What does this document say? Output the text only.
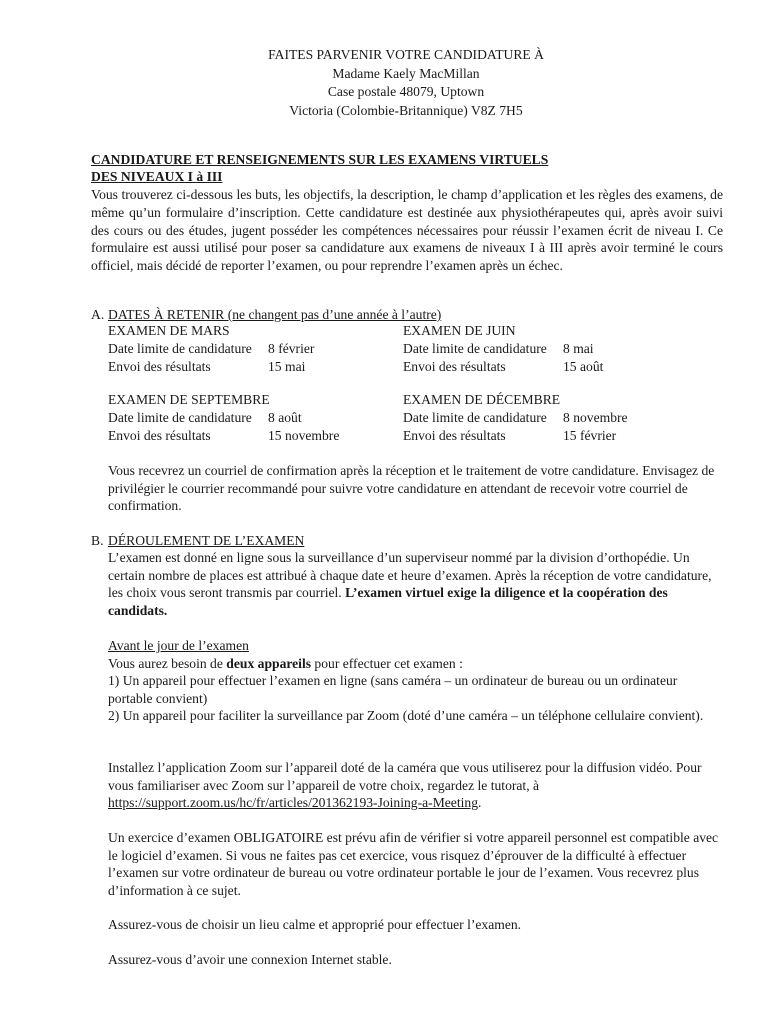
FAITES PARVENIR VOTRE CANDIDATURE À
Madame Kaely MacMillan
Case postale 48079, Uptown
Victoria (Colombie-Britannique) V8Z 7H5
CANDIDATURE ET RENSEIGNEMENTS SUR LES EXAMENS VIRTUELS
DES NIVEAUX I à III
Vous trouverez ci-dessous les buts, les objectifs, la description, le champ d’application et les règles des examens, de même qu’un formulaire d’inscription. Cette candidature est destinée aux physiothérapeutes qui, après avoir suivi des cours ou des études, jugent posséder les compétences nécessaires pour réussir l’examen écrit de niveau I. Ce formulaire est aussi utilisé pour poser sa candidature aux examens de niveaux I à III après avoir terminé le cours officiel, mais décidé de reporter l’examen, ou pour reprendre l’examen après un échec.
A. DATES À RETENIR (ne changent pas d’une année à l’autre)
EXAMEN DE MARS
Date limite de candidature	8 février
Envoi des résultats	15 mai
EXAMEN DE JUIN
Date limite de candidature	8 mai
Envoi des résultats	15 août
EXAMEN DE SEPTEMBRE
Date limite de candidature	8 août
Envoi des résultats	15 novembre
EXAMEN DE DÉCEMBRE
Date limite de candidature	8 novembre
Envoi des résultats	15 février
Vous recevrez un courriel de confirmation après la réception et le traitement de votre candidature. Envisagez de privilégier le courrier recommandé pour suivre votre candidature en attendant de recevoir votre courriel de confirmation.
B. DÉROULEMENT DE L’EXAMEN
L’examen est donné en ligne sous la surveillance d’un superviseur nommé par la division d’orthopédie. Un certain nombre de places est attribué à chaque date et heure d’examen. Après la réception de votre candidature, les choix vous seront transmis par courriel. L’examen virtuel exige la diligence et la coopération des candidats.
Avant le jour de l’examen
Vous aurez besoin de deux appareils pour effectuer cet examen :
1) Un appareil pour effectuer l’examen en ligne (sans caméra – un ordinateur de bureau ou un ordinateur portable convient)
2) Un appareil pour faciliter la surveillance par Zoom (doté d’une caméra – un téléphone cellulaire convient).
Installez l’application Zoom sur l’appareil doté de la caméra que vous utiliserez pour la diffusion vidéo. Pour vous familiariser avec Zoom sur l’appareil de votre choix, regardez le tutorat, à https://support.zoom.us/hc/fr/articles/201362193-Joining-a-Meeting.
Un exercice d’examen OBLIGATOIRE est prévu afin de vérifier si votre appareil personnel est compatible avec le logiciel d’examen. Si vous ne faites pas cet exercice, vous risquez d’éprouver de la difficulté à effectuer l’examen sur votre ordinateur de bureau ou votre ordinateur portable le jour de l’examen. Vous recevrez plus d’information à ce sujet.
Assurez-vous de choisir un lieu calme et approprié pour effectuer l’examen.
Assurez-vous d’avoir une connexion Internet stable.
